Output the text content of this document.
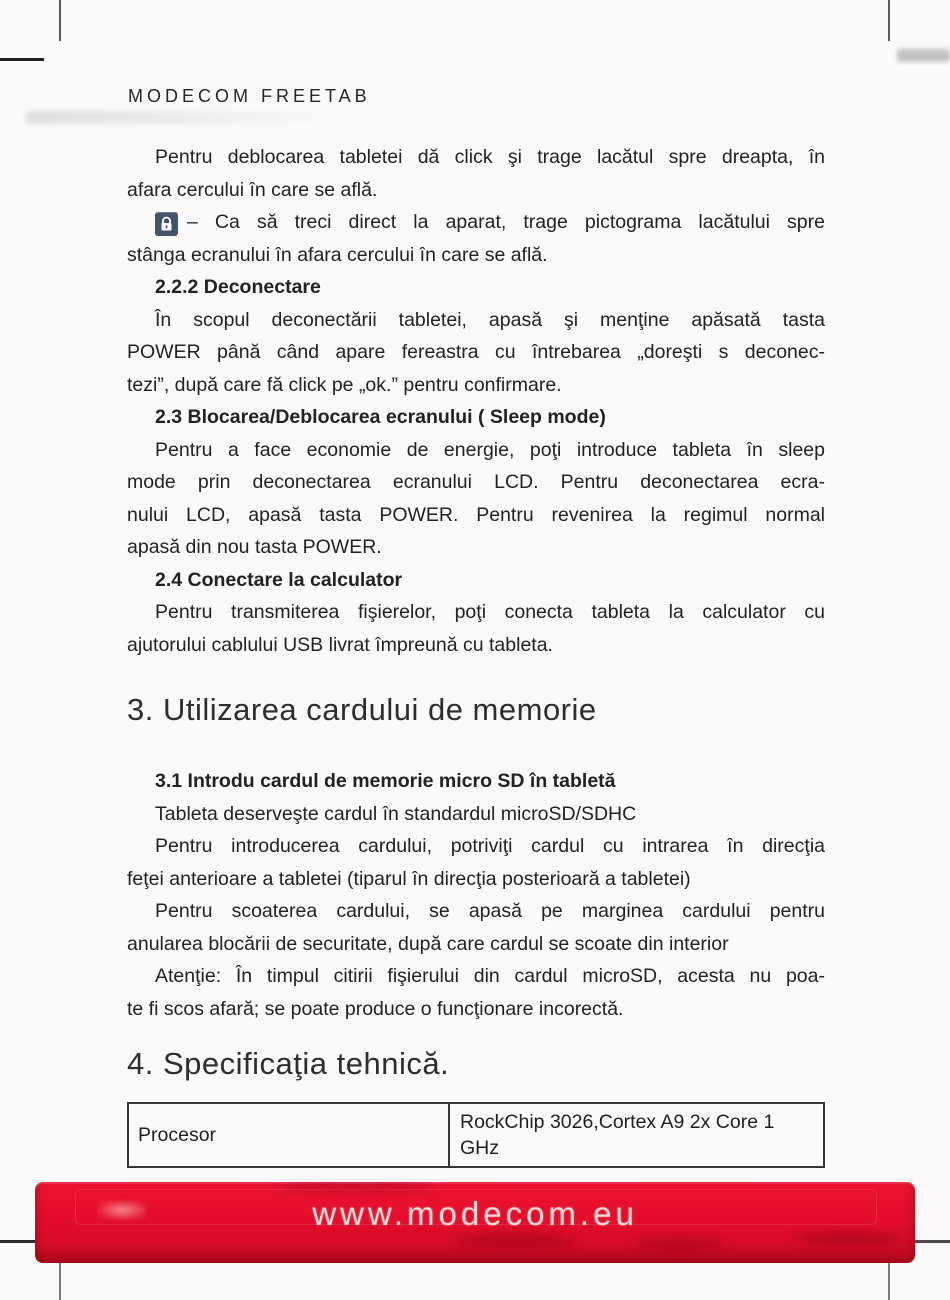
MODECOM FREETAB
Pentru deblocarea tabletei dă click şi trage lacătul spre dreapta, în
afara cercului în care se află.
– Ca să treci direct la aparat, trage pictograma lacătului spre
stânga ecranului în afara cercului în care se află.
2.2.2 Deconectare
În scopul deconectării tabletei, apasă şi menţine apăsată tasta
POWER până când apare fereastra cu întrebarea „doreşti s deconec-
tezi”, după care fă click pe „ok.” pentru confirmare.
2.3 Blocarea/Deblocarea ecranului ( Sleep mode)
Pentru a face economie de energie, poţi introduce tableta în sleep
mode prin deconectarea ecranului LCD. Pentru deconectarea ecra-
nului LCD, apasă tasta POWER. Pentru revenirea la regimul normal
apasă din nou tasta POWER.
2.4 Conectare la calculator
Pentru transmiterea fişierelor, poţi conecta tableta la calculator cu
ajutorului cablului USB livrat împreună cu tableta.
3. Utilizarea cardului de memorie
3.1 Introdu cardul de memorie micro SD în tabletă
Tableta deserveşte cardul în standardul microSD/SDHC
Pentru introducerea cardului, potriviţi cardul cu intrarea în direcţia
feţei anterioare a tabletei (tiparul în direcţia posterioară a tabletei)
Pentru scoaterea cardului, se apasă pe marginea cardului pentru
anularea blocării de securitate, după care cardul se scoate din interior
Atenţie: În timpul citirii fişierului din cardul microSD, acesta nu poa-
te fi scos afară; se poate produce o funcţionare incorectă.
4. Specificaţia tehnică.
Procesor	RockChip 3026,Cortex A9 2x Core 1 GHz
www.modecom.eu
